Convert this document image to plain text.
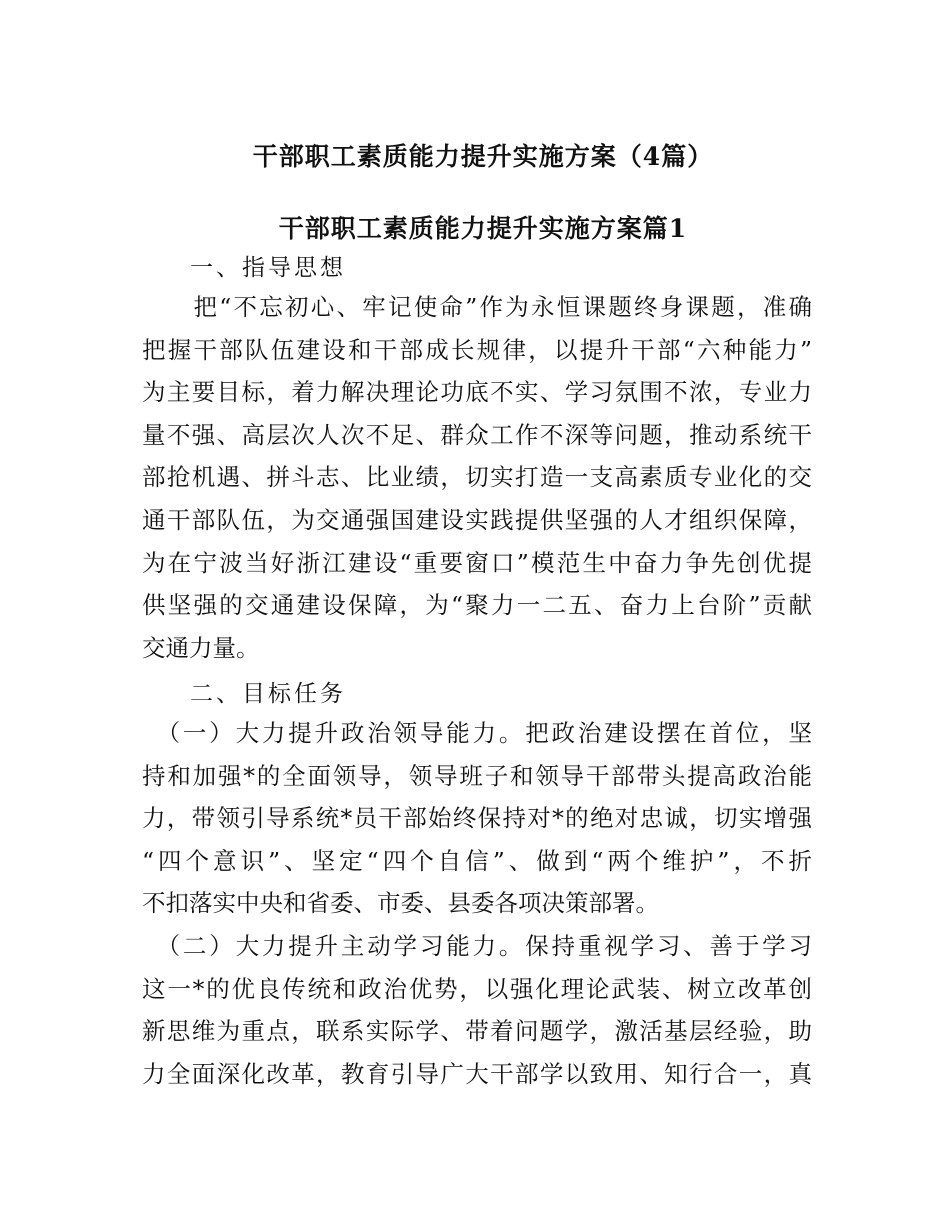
干部职工素质能力提升实施方案（4篇）
干部职工素质能力提升实施方案篇1
一、指导思想
　　把“不忘初心、牢记使命”作为永恒课题终身课题，准确
把握干部队伍建设和干部成长规律，以提升干部“六种能力”
为主要目标，着力解决理论功底不实、学习氛围不浓，专业力
量不强、高层次人次不足、群众工作不深等问题，推动系统干
部抢机遇、拼斗志、比业绩，切实打造一支高素质专业化的交
通干部队伍，为交通强国建设实践提供坚强的人才组织保障，
为在宁波当好浙江建设“重要窗口”模范生中奋力争先创优提
供坚强的交通建设保障，为“聚力一二五、奋力上台阶”贡献
交通力量。
二、目标任务
　（一）大力提升政治领导能力。把政治建设摆在首位，坚
持和加强*的全面领导，领导班子和领导干部带头提高政治能
力，带领引导系统*员干部始终保持对*的绝对忠诚，切实增强
“四个意识”、坚定“四个自信”、做到“两个维护”，不折
不扣落实中央和省委、市委、县委各项决策部署。
　（二）大力提升主动学习能力。保持重视学习、善于学习
这一*的优良传统和政治优势，以强化理论武装、树立改革创
新思维为重点，联系实际学、带着问题学，激活基层经验，助
力全面深化改革，教育引导广大干部学以致用、知行合一，真
